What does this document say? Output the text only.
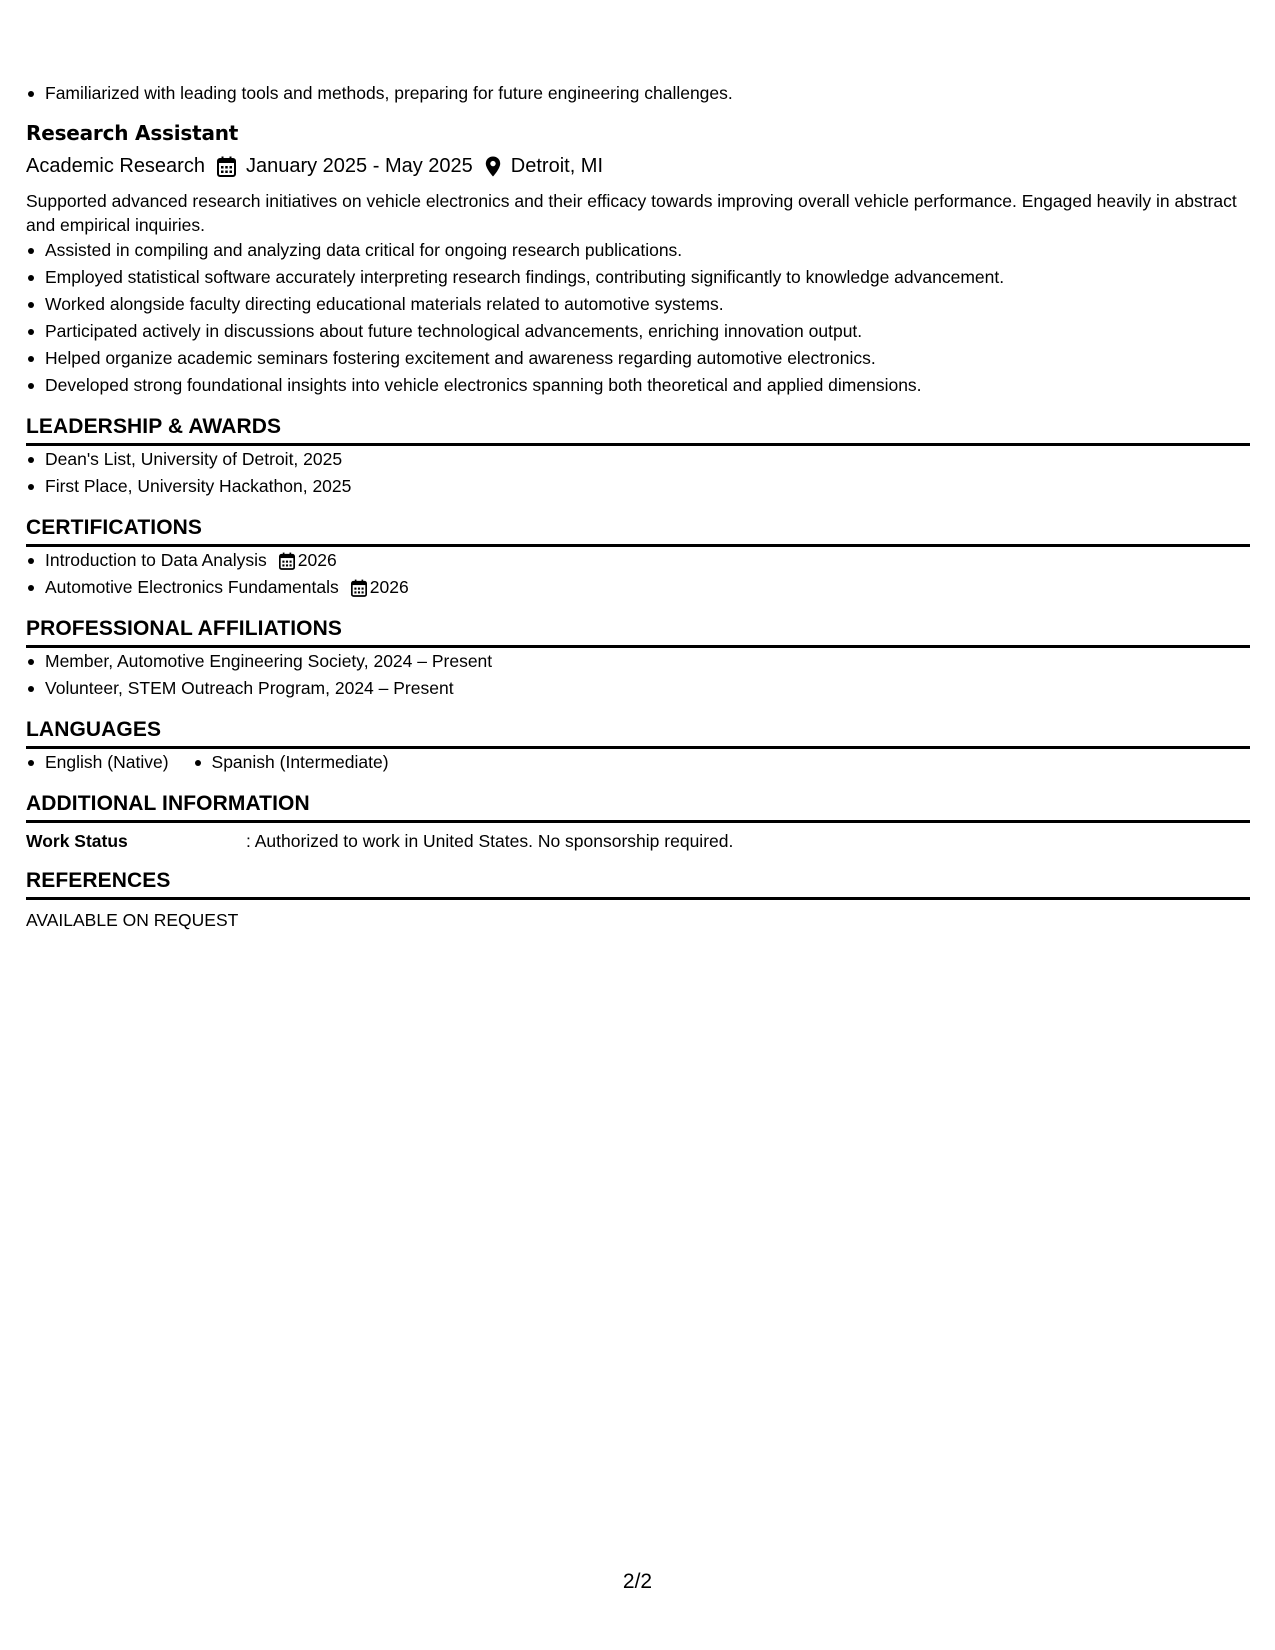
Familiarized with leading tools and methods, preparing for future engineering challenges.
Research Assistant
Academic Research January 2025 - May 2025 Detroit, MI
Supported advanced research initiatives on vehicle electronics and their efficacy towards improving overall vehicle performance. Engaged heavily in abstract and empirical inquiries.
Assisted in compiling and analyzing data critical for ongoing research publications.
Employed statistical software accurately interpreting research findings, contributing significantly to knowledge advancement.
Worked alongside faculty directing educational materials related to automotive systems.
Participated actively in discussions about future technological advancements, enriching innovation output.
Helped organize academic seminars fostering excitement and awareness regarding automotive electronics.
Developed strong foundational insights into vehicle electronics spanning both theoretical and applied dimensions.
LEADERSHIP & AWARDS
Dean's List, University of Detroit, 2025
First Place, University Hackathon, 2025
CERTIFICATIONS
Introduction to Data Analysis 2026
Automotive Electronics Fundamentals 2026
PROFESSIONAL AFFILIATIONS
Member, Automotive Engineering Society, 2024 – Present
Volunteer, STEM Outreach Program, 2024 – Present
LANGUAGES
English (Native) Spanish (Intermediate)
ADDITIONAL INFORMATION
Work Status	: Authorized to work in United States. No sponsorship required.
REFERENCES
AVAILABLE ON REQUEST
2/2
